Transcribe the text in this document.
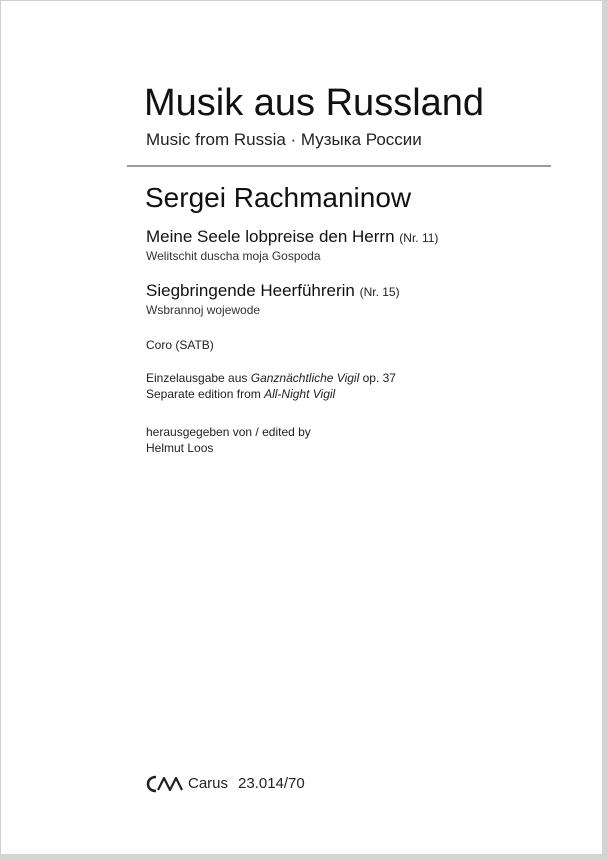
Musik aus Russland
Music from Russia · Музыка России
Sergei Rachmaninow
Meine Seele lobpreise den Herrn (Nr. 11)
Welitschit duscha moja Gospoda
Siegbringende Heerführerin (Nr. 15)
Wsbrannoj wojewode
Coro (SATB)
Einzelausgabe aus Ganznächtliche Vigil op. 37
Separate edition from All-Night Vigil
herausgegeben von / edited by
Helmut Loos
Carus 23.014/70
